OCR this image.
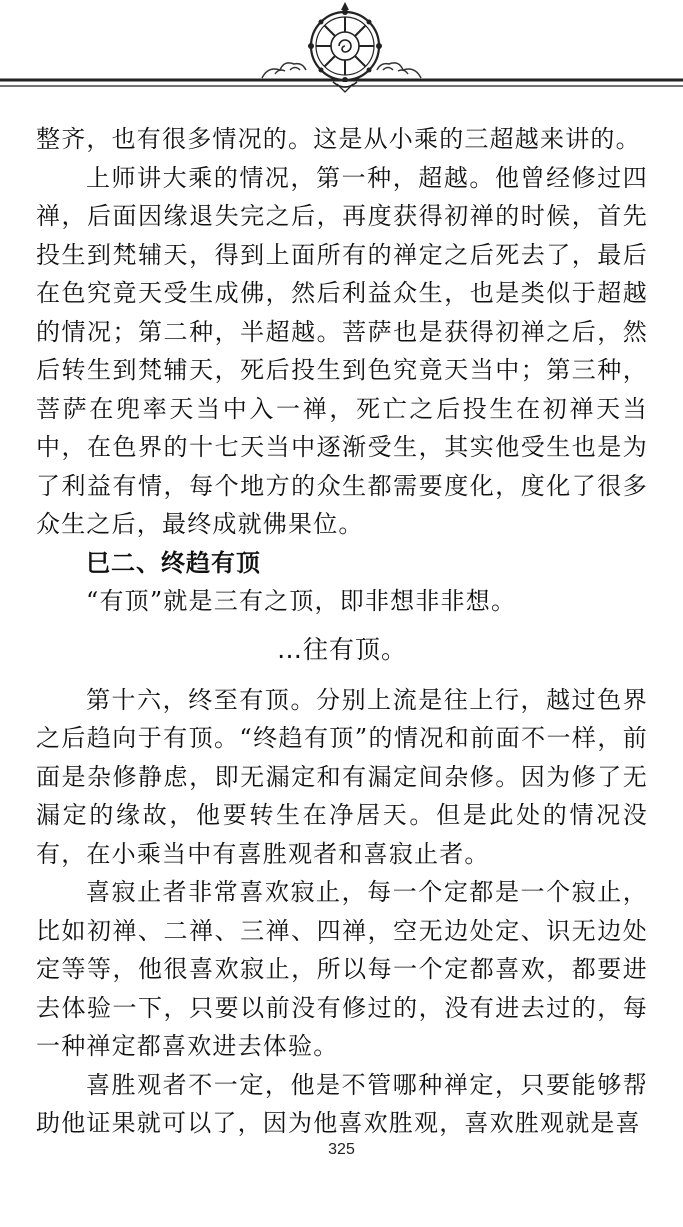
整齐，也有很多情况的。这是从小乘的三超越来讲的。

上师讲大乘的情况，第一种，超越。他曾经修过四禅，后面因缘退失完之后，再度获得初禅的时候，首先投生到梵辅天，得到上面所有的禅定之后死去了，最后在色究竟天受生成佛，然后利益众生，也是类似于超越的情况；第二种，半超越。菩萨也是获得初禅之后，然后转生到梵辅天，死后投生到色究竟天当中；第三种，菩萨在兜率天当中入一禅，死亡之后投生在初禅天当中，在色界的十七天当中逐渐受生，其实他受生也是为了利益有情，每个地方的众生都需要度化，度化了很多众生之后，最终成就佛果位。

巳二、终趋有顶

“有顶”就是三有之顶，即非想非非想。

…往有顶。

第十六，终至有顶。分别上流是往上行，越过色界之后趋向于有顶。“终趋有顶”的情况和前面不一样，前面是杂修静虑，即无漏定和有漏定间杂修。因为修了无漏定的缘故，他要转生在净居天。但是此处的情况没有，在小乘当中有喜胜观者和喜寂止者。

喜寂止者非常喜欢寂止，每一个定都是一个寂止，比如初禅、二禅、三禅、四禅，空无边处定、识无边处定等等，他很喜欢寂止，所以每一个定都喜欢，都要进去体验一下，只要以前没有修过的，没有进去过的，每一种禅定都喜欢进去体验。

喜胜观者不一定，他是不管哪种禅定，只要能够帮助他证果就可以了，因为他喜欢胜观，喜欢胜观就是喜

325
